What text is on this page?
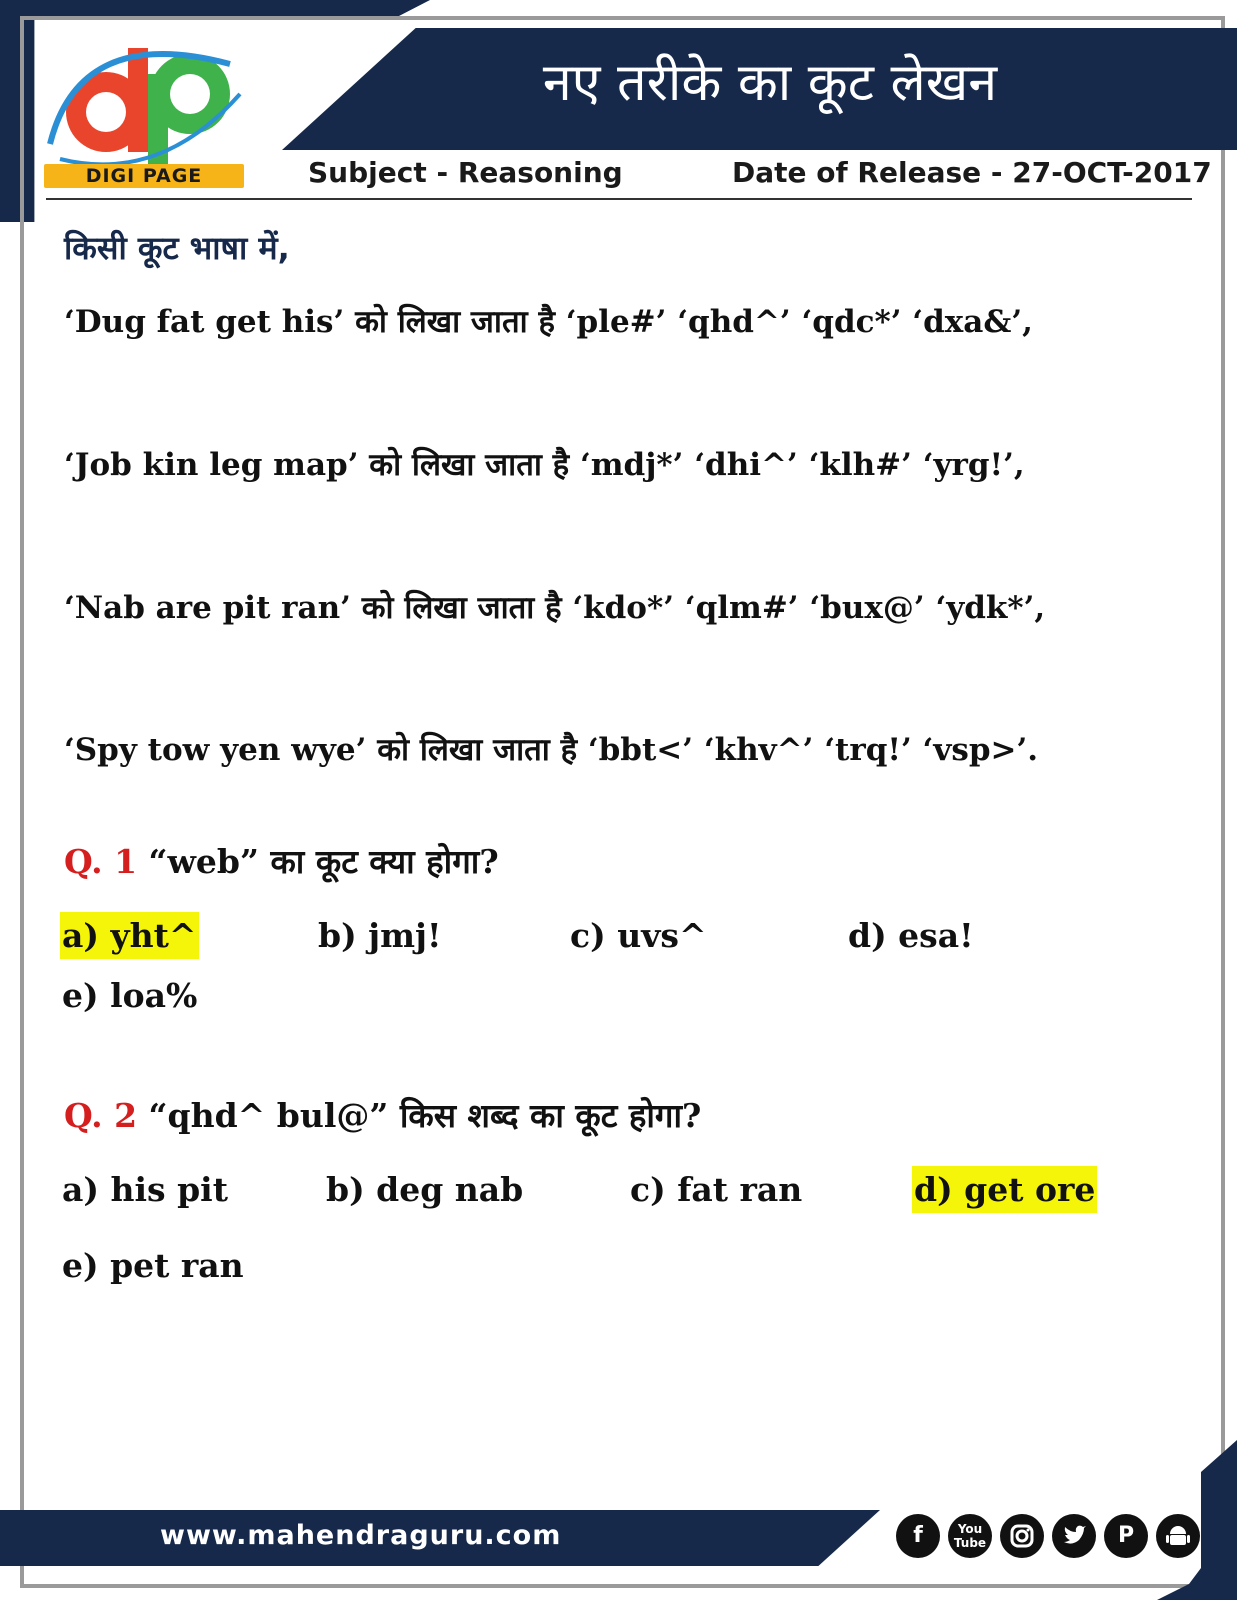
DIGI PAGE
नए तरीके का कूट लेखन
Subject - Reasoning	Date of Release - 27-OCT-2017
किसी कूट भाषा में,
‘Dug fat get his’ को लिखा जाता है ‘ple#’ ‘qhd^’ ‘qdc*’ ‘dxa&’,
‘Job kin leg map’ को लिखा जाता है ‘mdj*’ ‘dhi^’ ‘klh#’ ‘yrg!’,
‘Nab are pit ran’ को लिखा जाता है ‘kdo*’ ‘qlm#’ ‘bux@’ ‘ydk*’,
‘Spy tow yen wye’ को लिखा जाता है ‘bbt<’ ‘khv^’ ‘trq!’ ‘vsp>’.
Q. 1 “web” का कूट क्या होगा?
a) yht^	b) jmj!	c) uvs^	d) esa!
e) loa%
Q. 2 “qhd^ bul@” किस शब्द का कूट होगा?
a) his pit	b) deg nab	c) fat ran	d) get ore
e) pet ran
www.mahendraguru.com	f	You
Tube	P
